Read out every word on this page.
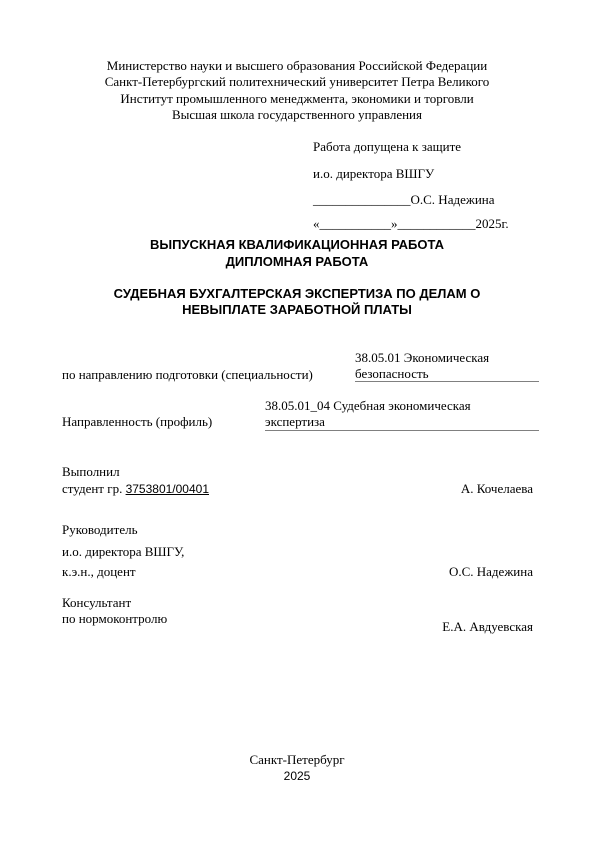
Министерство науки и высшего образования Российской Федерации
Санкт-Петербургский политехнический университет Петра Великого
Институт промышленного менеджмента, экономики и торговли
Высшая школа государственного управления
Работа допущена к защите
и.о. директора ВШГУ
_______________О.С. Надежина
«___________»____________2025г.
ВЫПУСКНАЯ КВАЛИФИКАЦИОННАЯ РАБОТА
ДИПЛОМНАЯ РАБОТА
СУДЕБНАЯ БУХГАЛТЕРСКАЯ ЭКСПЕРТИЗА ПО ДЕЛАМ О
НЕВЫПЛАТЕ ЗАРАБОТНОЙ ПЛАТЫ
по направлению подготовки (специальности)
38.05.01 Экономическая
безопасность
Направленность (профиль)
38.05.01_04 Судебная экономическая
экспертиза
Выполнил
студент гр. 3753801/00401	А. Кочелаева
Руководитель
и.о. директора ВШГУ,
к.э.н., доцент	О.С. Надежина
Консультант
по нормоконтролю
Е.А. Авдуевская
Санкт-Петербург
2025
